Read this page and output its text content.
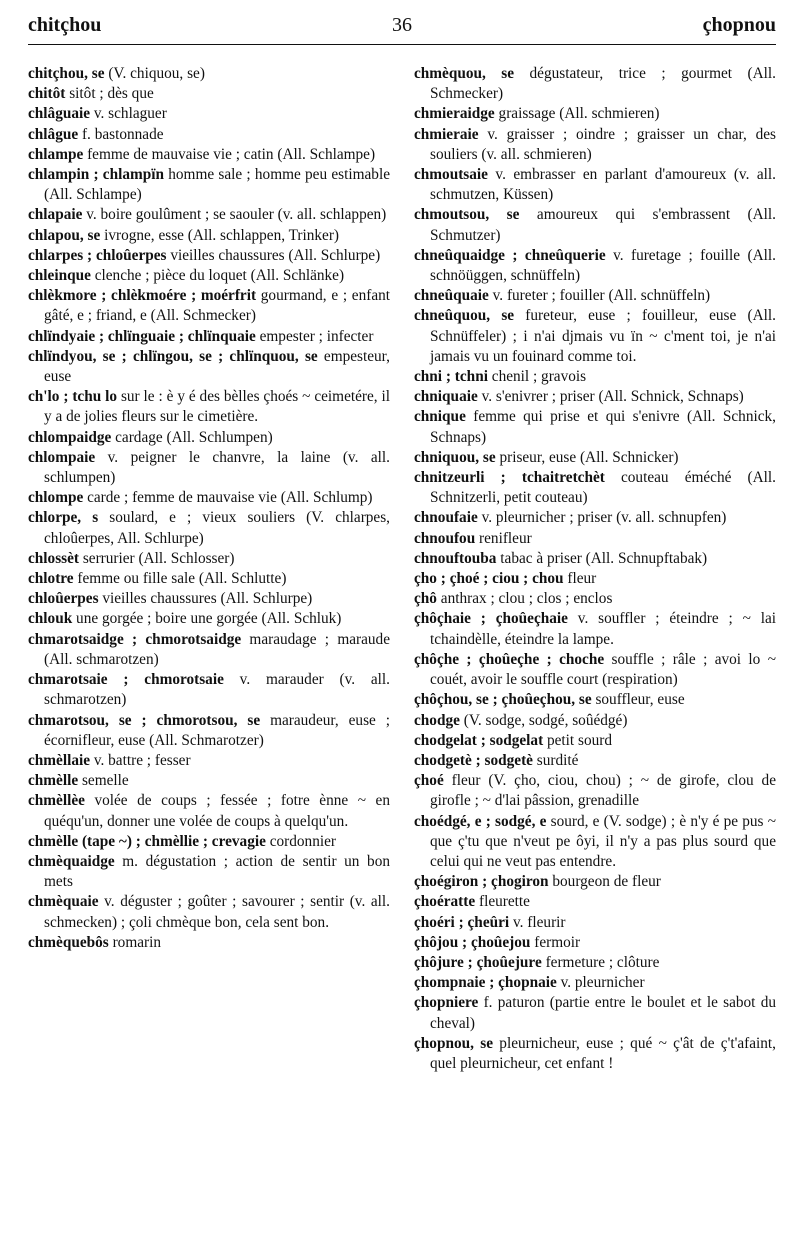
chitçhou	36	çhopnou

chitçhou, se (V. chiquou, se)

chitôt sitôt ; dès que

chlâguaie v. schlaguer

chlâgue f. bastonnade

chlampe femme de mauvaise vie ; catin (All. Schlampe)

chlampin ; chlampïn homme sale ; homme peu estimable (All. Schlampe)

chlapaie v. boire goulûment ; se saouler (v. all. schlappen)

chlapou, se ivrogne, esse (All. schlappen, Trinker)

chlarpes ; chloûerpes vieilles chaussures (All. Schlurpe)

chleinque clenche ; pièce du loquet (All. Schlänke)

chlèkmore ; chlèkmoére ; moérfrit gourmand, e ; enfant gâté, e ; friand, e (All. Schmecker)

chlïndyaie ; chlïnguaie ; chlïnquaie empester ; infecter

chlïndyou, se ; chlïngou, se ; chlïnquou, se empesteur, euse

ch'lo ; tchu lo sur le : è y é des bèlles çhoés ~ ceimetére, il y a de jolies fleurs sur le cimetière.

chlompaidge cardage (All. Schlumpen)

chlompaie v. peigner le chanvre, la laine (v. all. schlumpen)

chlompe carde ; femme de mauvaise vie (All. Schlump)

chlorpe, s soulard, e ; vieux souliers (V. chlarpes, chloûerpes, All. Schlurpe)

chlossèt serrurier (All. Schlosser)

chlotre femme ou fille sale (All. Schlutte)

chloûerpes vieilles chaussures (All. Schlurpe)

chlouk une gorgée ; boire une gorgée (All. Schluk)

chmarotsaidge ; chmorotsaidge maraudage ; maraude (All. schmarotzen)

chmarotsaie ; chmorotsaie v. marauder (v. all. schmarotzen)

chmarotsou, se ; chmorotsou, se maraudeur, euse ; écornifleur, euse (All. Schmarotzer)

chmèllaie v. battre ; fesser

chmèlle semelle

chmèllèe volée de coups ; fessée ; fotre ènne ~ en quéqu'un, donner une volée de coups à quelqu'un.

chmèlle (tape ~) ; chmèllie ; crevagie cordonnier

chmèquaidge m. dégustation ; action de sentir un bon mets

chmèquaie v. déguster ; goûter ; savourer ; sentir (v. all. schmecken) ; çoli chmèque bon, cela sent bon.

chmèquebôs romarin

chmèquou, se dégustateur, trice ; gourmet (All. Schmecker)

chmieraidge graissage (All. schmieren)

chmieraie v. graisser ; oindre ; graisser un char, des souliers (v. all. schmieren)

chmoutsaie v. embrasser en parlant d'amoureux (v. all. schmutzen, Küssen)

chmoutsou, se amoureux qui s'embrassent (All. Schmutzer)

chneûquaidge ; chneûquerie v. furetage ; fouille (All. schnöüggen, schnüffeln)

chneûquaie v. fureter ; fouiller (All. schnüffeln)

chneûquou, se fureteur, euse ; fouilleur, euse (All. Schnüffeler) ; i n'ai djmais vu ïn ~ c'ment toi, je n'ai jamais vu un fouinard comme toi.

chni ; tchni chenil ; gravois

chniquaie v. s'enivrer ; priser (All. Schnick, Schnaps)

chnique femme qui prise et qui s'enivre (All. Schnick, Schnaps)

chniquou, se priseur, euse (All. Schnicker)

chnitzeurli ; tchaitretchèt couteau éméché (All. Schnitzerli, petit couteau)

chnoufaie v. pleurnicher ; priser (v. all. schnupfen)

chnoufou renifleur

chnouftouba tabac à priser (All. Schnupftabak)

çho ; çhoé ; ciou ; chou fleur

çhô anthrax ; clou ; clos ; enclos

çhôçhaie ; çhoûeçhaie v. souffler ; éteindre ; ~ lai tchaindèlle, éteindre la lampe.

çhôçhe ; çhoûeçhe ; choche souffle ; râle ; avoi lo ~ couét, avoir le souffle court (respiration)

çhôçhou, se ; çhoûeçhou, se souffleur, euse

chodge (V. sodge, sodgé, soûédgé)

chodgelat ; sodgelat petit sourd

chodgetè ; sodgetè surdité

çhoé fleur (V. çho, ciou, chou) ; ~ de girofe, clou de girofle ; ~ d'lai pâssion, grenadille

choédgé, e ; sodgé, e sourd, e (V. sodge) ; è n'y é pe pus ~ que ç'tu que n'veut pe ôyi, il n'y a pas plus sourd que celui qui ne veut pas entendre.

çhoégiron ; çhogiron bourgeon de fleur

çhoératte fleurette

çhoéri ; çheûri v. fleurir

çhôjou ; çhoûejou fermoir

çhôjure ; çhoûejure fermeture ; clôture

çhompnaie ; çhopnaie v. pleurnicher

çhopniere f. paturon (partie entre le boulet et le sabot du cheval)

çhopnou, se pleurnicheur, euse ; qué ~ ç'ât de ç't'afaint, quel pleurnicheur, cet enfant !
